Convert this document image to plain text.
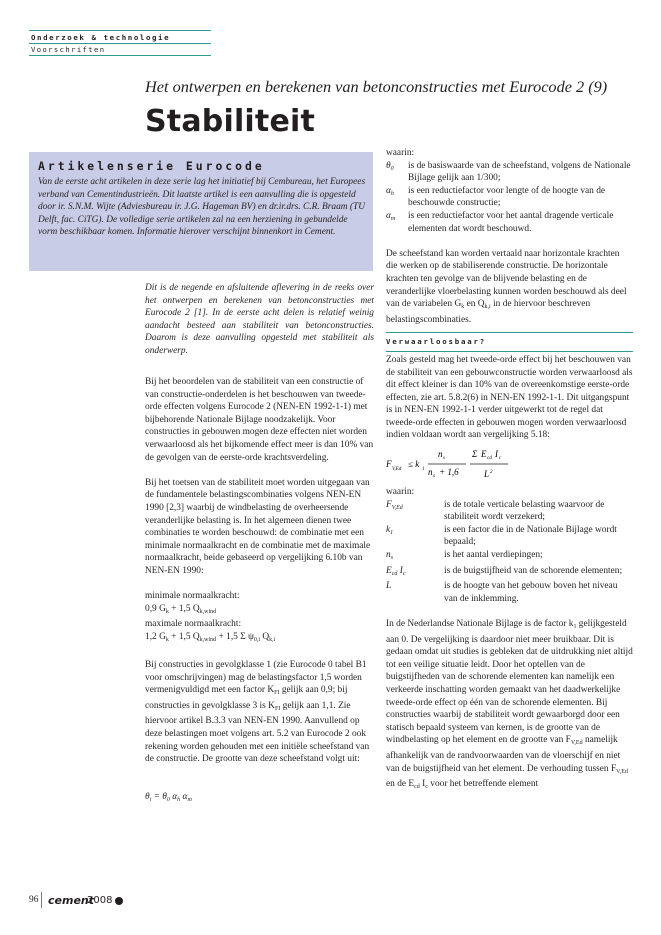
Onderzoek & technologie
Voorschriften
Het ontwerpen en berekenen van betonconstructies met Eurocode 2 (9)
Stabiliteit
Artikelenserie Eurocode
Van de eerste acht artikelen in deze serie lag het initiatief bij Cembureau, het Europees verband van Cementindustrieën. Dit laatste artikel is een aanvulling die is opgesteld door ir. S.N.M. Wijte (Adviesbureau ir. J.G. Hageman BV) en dr.ir.drs. C.R. Braam (TU Delft, fac. CiTG). De volledige serie artikelen zal na een herziening in gebundelde vorm beschikbaar komen. Informatie hierover verschijnt binnenkort in Cement.
Dit is de negende en afsluitende aflevering in de reeks over het ontwerpen en berekenen van betonconstructies met Eurocode 2 [1]. In de eerste acht delen is relatief weinig aandacht besteed aan stabiliteit van betonconstructies. Daarom is deze aanvulling opgesteld met stabiliteit als onderwerp.

Bij het beoordelen van de stabiliteit van een constructie of van constructie-onderdelen is het beschouwen van tweede-orde effecten volgens Eurocode 2 (NEN-EN 1992-1-1) met bijbehorende Nationale Bijlage noodzakelijk. Voor constructies in gebouwen mogen deze effecten niet worden verwaarloosd als het bijkomende effect meer is dan 10% van de gevolgen van de eerste-orde krachtsverdeling.

Bij het toetsen van de stabiliteit moet worden uitgegaan van de fundamentele belastingscombinaties volgens NEN-EN 1990 [2,3] waarbij de windbelasting de overheersende veranderlijke belasting is. In het algemeen dienen twee combinaties te worden beschouwd: de combinatie met een minimale normaalkracht en de combinatie met de maximale normaalkracht, beide gebaseerd op vergelijking 6.10b van NEN-EN 1990:

minimale normaalkracht:

0,9 $G_k + 1,5$ $Q_{k,wind}$

maximale normaalkracht:

1,2 $G_k + 1,5$ $Q_{k,wind} + 1,5$ Σ $\psi_{0,i}$ $Q_{k,i}$

Bij constructies in gevolgklasse 1 (zie Eurocode 0 tabel B1 voor omschrijvingen) mag de belastingsfactor 1,5 worden vermenigvuldigd met een factor $K_{FI}$ gelijk aan 0,9; bij constructies in gevolgklasse 3 is $K_{FI}$ gelijk aan 1,1. Zie hiervoor artikel B.3.3 van NEN-EN 1990. Aanvullend op deze belastingen moet volgens art. 5.2 van Eurocode 2 ook rekening worden gehouden met een initiële scheefstand van de constructie. De grootte van deze scheefstand volgt uit:

$\theta_i = \theta_0$ $\alpha_h$ $\alpha_m$

waarin:

$\theta_0$	is de basiswaarde van de scheefstand, volgens de Nationale Bijlage gelijk aan 1/300;
$\alpha_h$	is een reductiefactor voor lengte of de hoogte van de beschouwde constructie;
$\alpha_m$	is een reductiefactor voor het aantal dragende verticale elementen dat wordt beschouwd.

De scheefstand kan worden vertaald naar horizontale krachten die werken op de stabiliserende constructie. De horizontale krachten ten gevolge van de blijvende belasting en de veranderlijke vloerbelasting kunnen worden beschouwd als deel van de variabelen $G_k$ en $Q_{k,i}$ in de hiervoor beschreven belastingscombinaties.

Verwaarloosbaar?

Zoals gesteld mag het tweede-orde effect bij het beschouwen van de stabiliteit van een gebouwconstructie worden verwaarloosd als dit effect kleiner is dan 10% van de overeenkomstige eerste-orde effecten, zie art. 5.8.2(6) in NEN-EN 1992-1-1. Dit uitgangspunt is in NEN-EN 1992-1-1 verder uitgewerkt tot de regel dat tweede-orde effecten in gebouwen mogen worden verwaarloosd indien voldaan wordt aan vergelijking 5.18:

F
V,Ed
≤ k
1
n s
n s + 1,6
Σ E cd I c
L 2

waarin:

$F_{V,Ed}$	is de totale verticale belasting waarvoor de stabiliteit wordt verzekerd;
$k_1$	is een factor die in de Nationale Bijlage wordt bepaald;
$n_s$	is het aantal verdiepingen;
$E_{cd}$ $I_c$	is de buigstijfheid van de schorende elementen;
L	is de hoogte van het gebouw boven het niveau van de inklemming.

In de Nederlandse Nationale Bijlage is de factor $k_1$ gelijkgesteld aan 0. De vergelijking is daardoor niet meer bruikbaar. Dit is gedaan omdat uit studies is gebleken dat de uitdrukking niet altijd tot een veilige situatie leidt. Door het optellen van de buigstijfheden van de schorende elementen kan namelijk een verkeerde inschatting worden gemaakt van het daadwerkelijke tweede-orde effect op één van de schorende elementen. Bij constructies waarbij de stabiliteit wordt gewaarborgd door een statisch bepaald systeem van kernen, is de grootte van de windbelasting op het element en de grootte van $F_{V,Ed}$ namelijk afhankelijk van de randvoorwaarden van de vloerschijf en niet van de buigstijfheid van het element. De verhouding tussen $F_{V,Ed}$ en de $E_{cd}$ $I_c$ voor het betreffende element

96 cement
2008
